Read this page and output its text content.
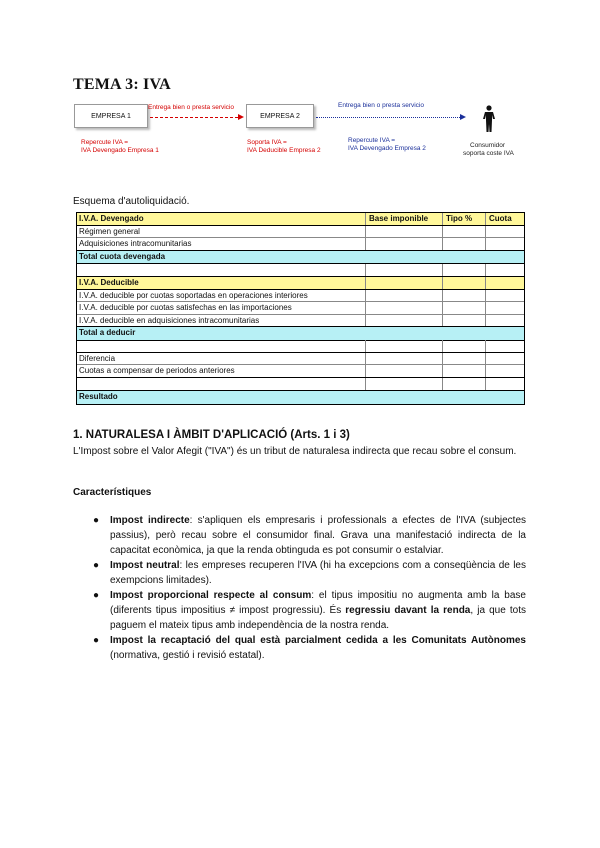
TEMA 3: IVA
EMPRESA 1
Entrega bien o presta servicio
EMPRESA 2
Entrega bien o presta servicio
Repercute IVA =
IVA Devengado Empresa 1
Soporta IVA =
IVA Deducible Empresa 2
Repercute IVA =
IVA Devengado Empresa 2	Consumidor
soporta coste IVA
Esquema d'autoliquidació.
I.V.A. Devengado	Base imponible	Tipo %	Cuota
Régimen general
Adquisiciones intracomunitarias
Total cuota devengada
I.V.A. Deducible
I.V.A. deducible por cuotas soportadas en operaciones interiores
I.V.A. deducible por cuotas satisfechas en las importaciones
I.V.A. deducible en adquisiciones intracomunitarias
Total a deducir
Diferencia
Cuotas a compensar de periodos anteriores
Resultado
1. NATURALESA I ÀMBIT D'APLICACIÓ (Arts. 1 i 3)

L'Impost sobre el Valor Afegit ("IVA") és un tribut de naturalesa indirecta que recau sobre el consum.

Característiques
● Impost indirecte: s'apliquen els empresaris i professionals a efectes de l'IVA (subjectes passius), però recau sobre el consumidor final. Grava una manifestació indirecta de la capacitat econòmica, ja que la renda obtinguda es pot consumir o estalviar.
● Impost neutral: les empreses recuperen l'IVA (hi ha excepcions com a conseqüència de les exempcions limitades).
● Impost proporcional respecte al consum: el tipus impositiu no augmenta amb la base (diferents tipus impositius ≠ impost progressiu). És regressiu davant la renda, ja que tots paguem el mateix tipus amb independència de la nostra renda.
● Impost la recaptació del qual està parcialment cedida a les Comunitats Autònomes (normativa, gestió i revisió estatal).
